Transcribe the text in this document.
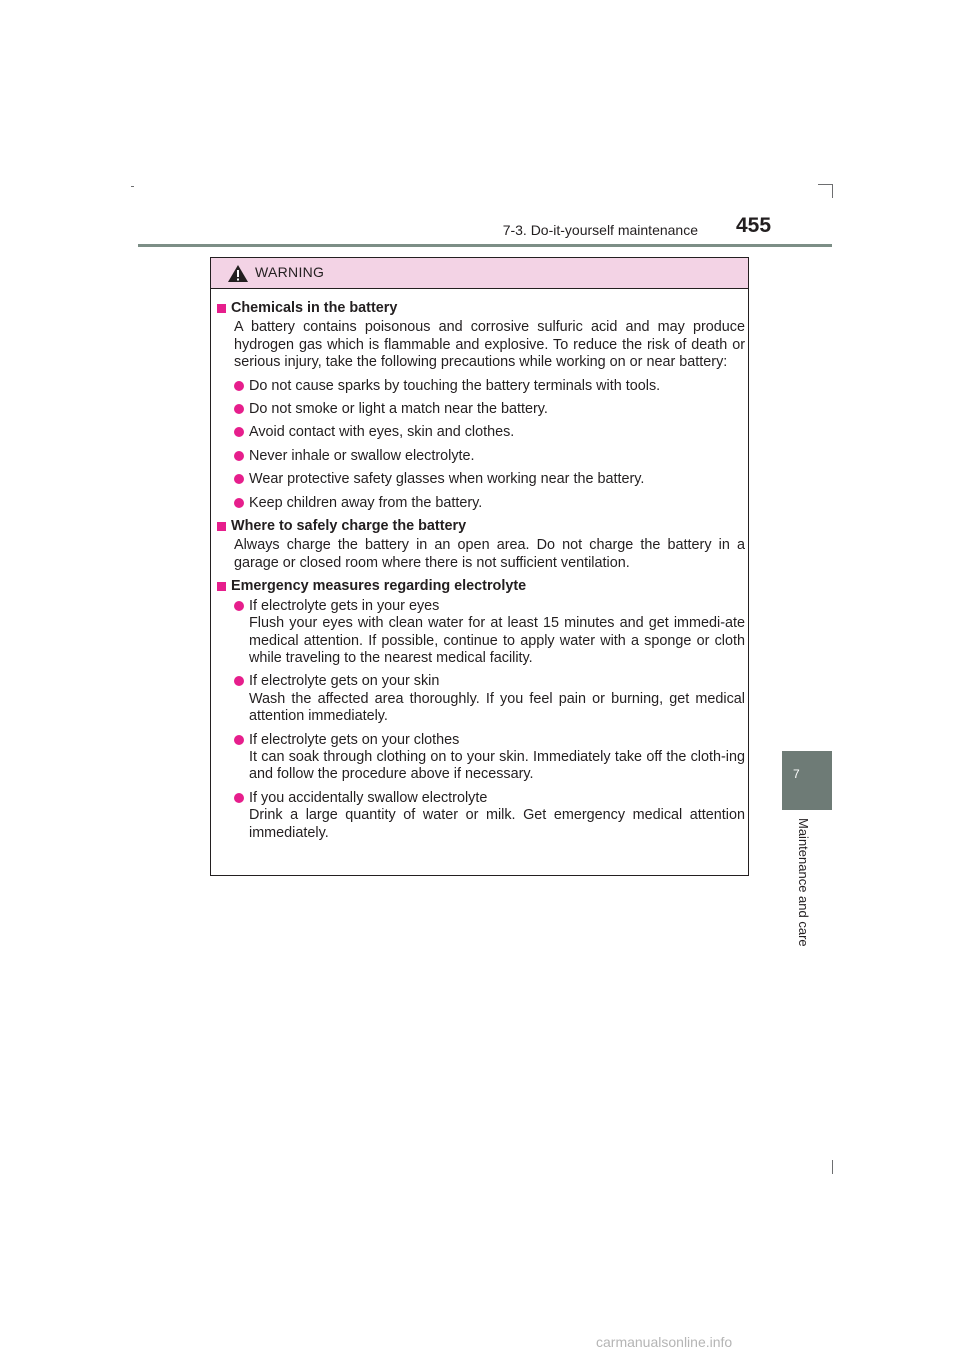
7-3. Do-it-yourself maintenance 455
7
Maintenance and care
WARNING
Chemicals in the battery
A battery contains poisonous and corrosive sulfuric acid and may produce hydrogen gas which is flammable and explosive. To reduce the risk of death or serious injury, take the following precautions while working on or near battery:
Do not cause sparks by touching the battery terminals with tools.
Do not smoke or light a match near the battery.
Avoid contact with eyes, skin and clothes.
Never inhale or swallow electrolyte.
Wear protective safety glasses when working near the battery.
Keep children away from the battery.
Where to safely charge the battery
Always charge the battery in an open area. Do not charge the battery in a garage or closed room where there is not sufficient ventilation.
Emergency measures regarding electrolyte
If electrolyte gets in your eyes
Flush your eyes with clean water for at least 15 minutes and get immedi-ate medical attention. If possible, continue to apply water with a sponge or cloth while traveling to the nearest medical facility.
If electrolyte gets on your skin
Wash the affected area thoroughly. If you feel pain or burning, get medical attention immediately.
If electrolyte gets on your clothes
It can soak through clothing on to your skin. Immediately take off the cloth-ing and follow the procedure above if necessary.
If you accidentally swallow electrolyte
Drink a large quantity of water or milk. Get emergency medical attention immediately.
carmanualsonline.info
